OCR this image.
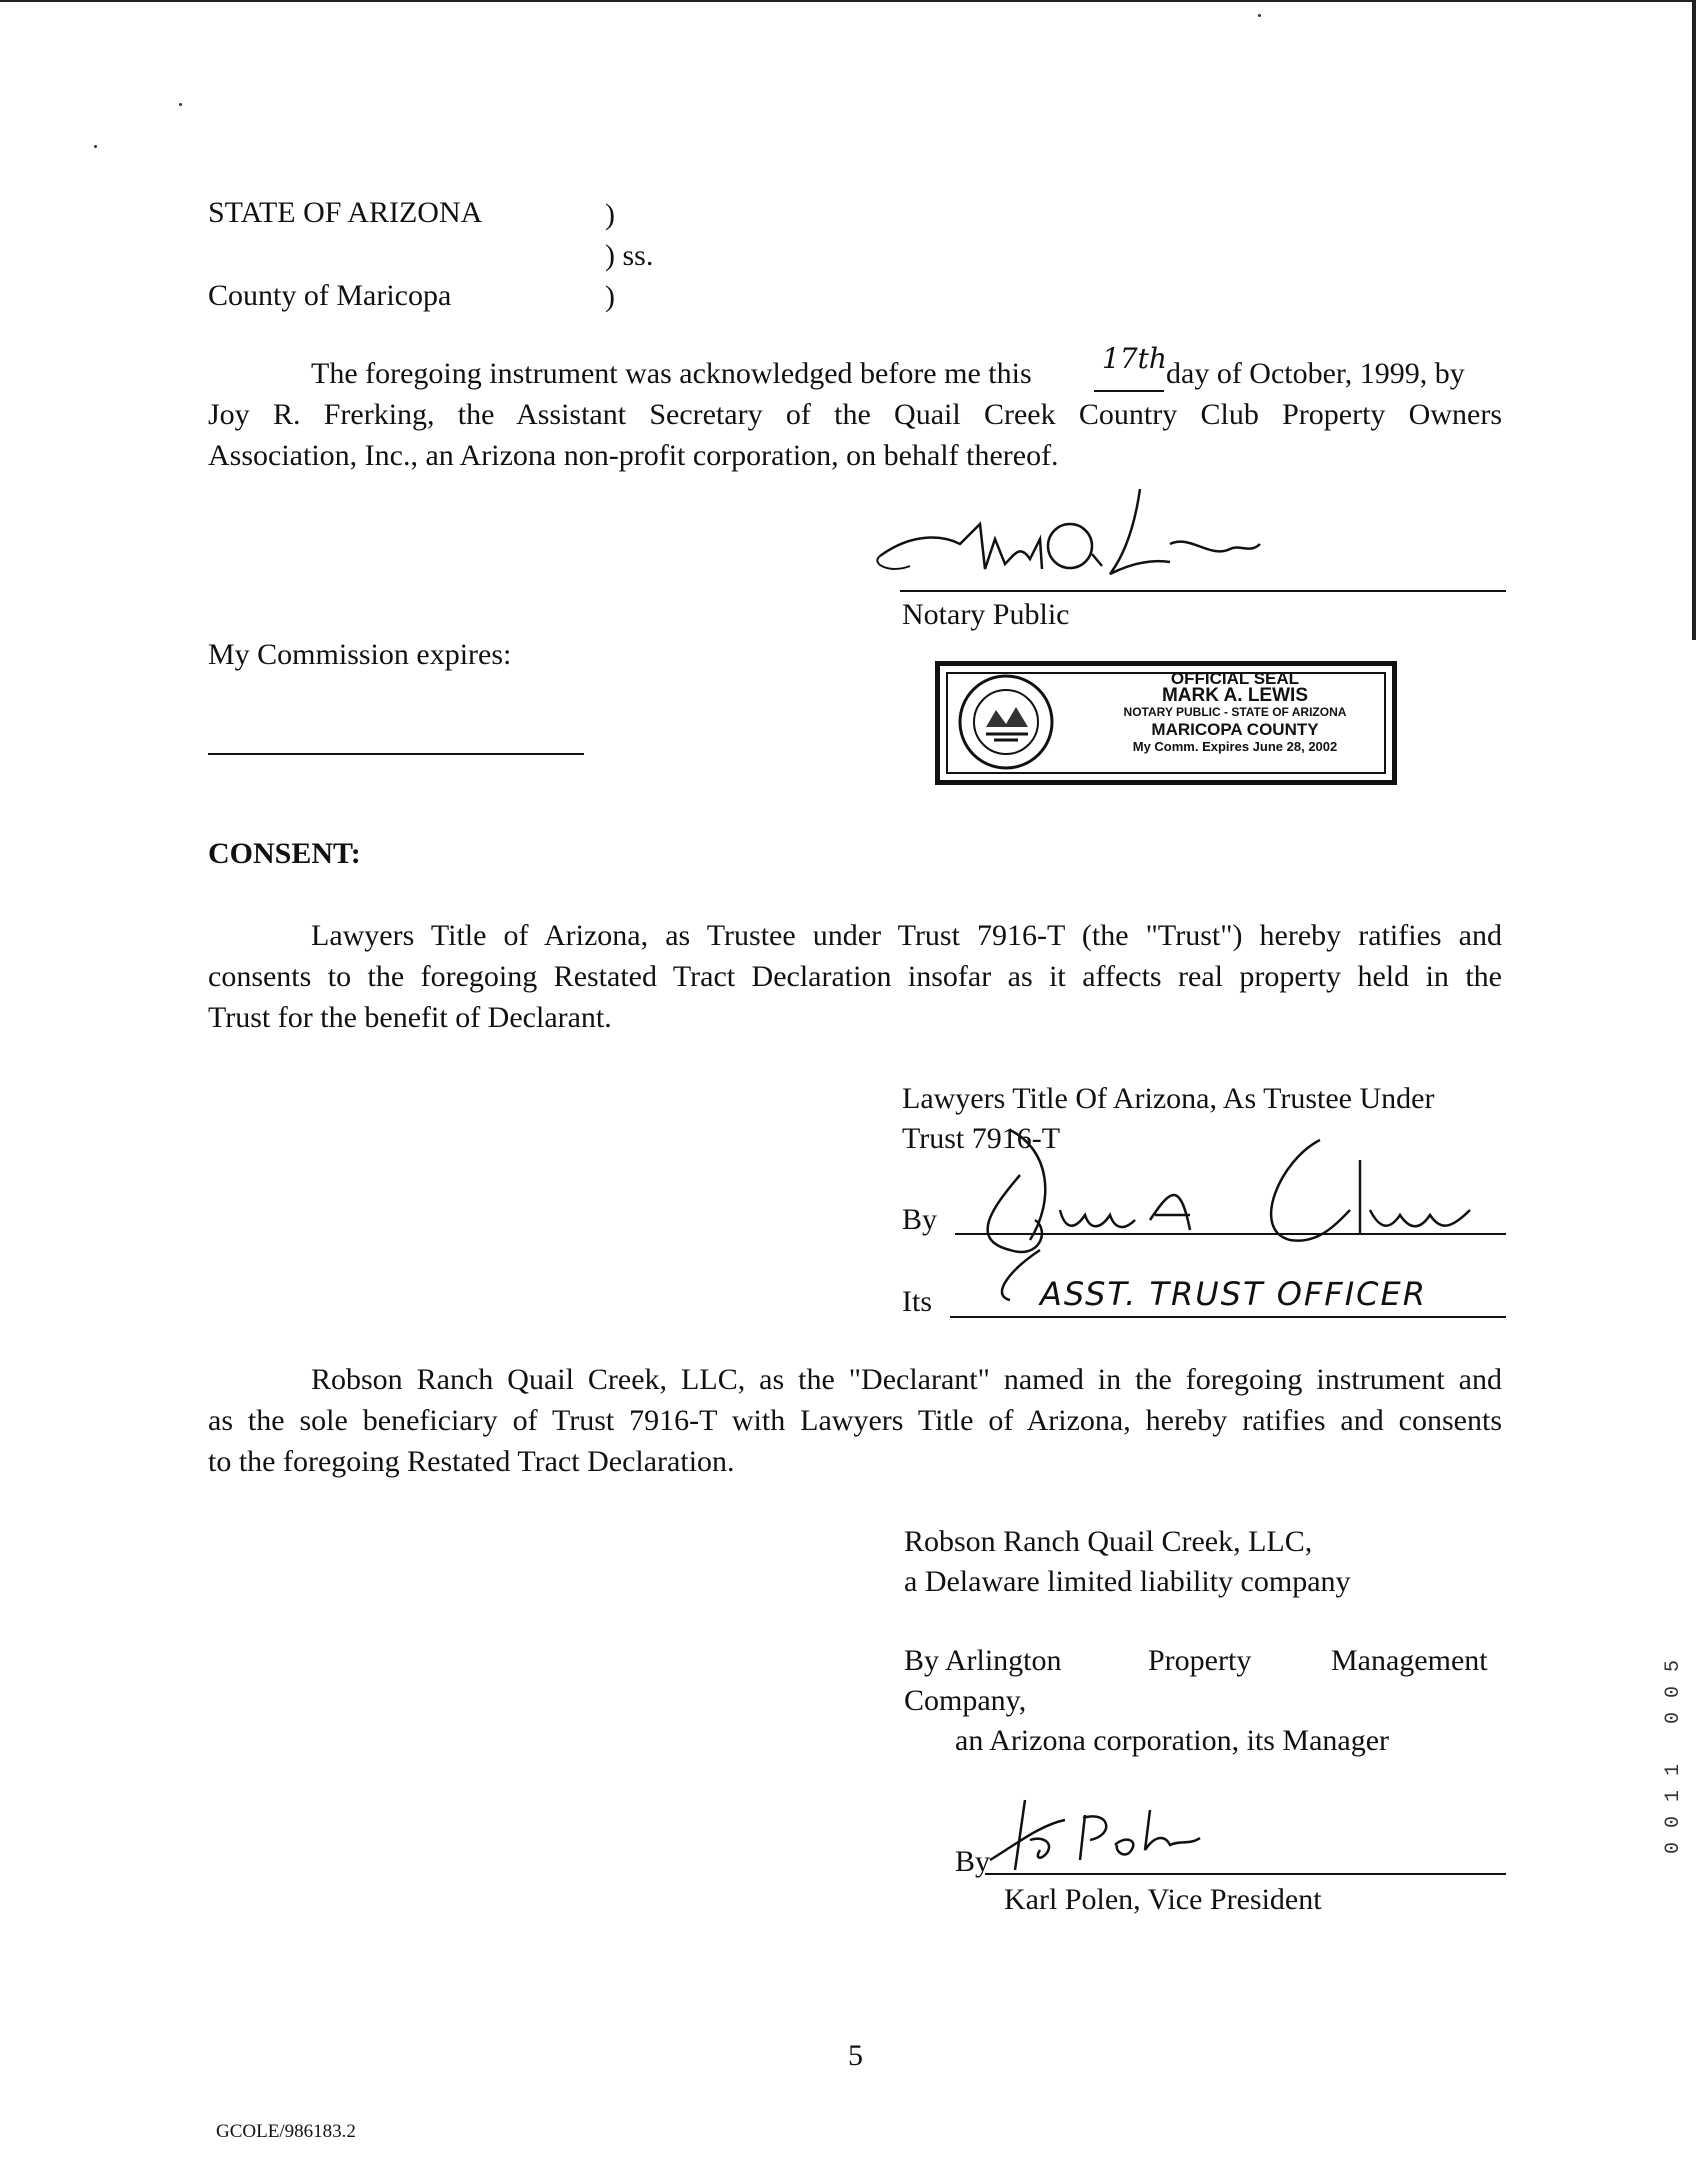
STATE OF ARIZONA	)
) ss.
County of Maricopa	)
The foregoing instrument was acknowledged before me this	17th day of October, 1999, by

Joy R. Frerking, the Assistant Secretary of the Quail Creek Country Club Property Owners

Association, Inc., an Arizona non-profit corporation, on behalf thereof.

Notary Public
My Commission expires:
OFFICIAL SEAL
MARK A. LEWIS
NOTARY PUBLIC - STATE OF ARIZONA
MARICOPA COUNTY
My Comm. Expires June 28, 2002
CONSENT:

Lawyers Title of Arizona, as Trustee under Trust 7916-T (the "Trust") hereby ratifies and

consents to the foregoing Restated Tract Declaration insofar as it affects real property held in the

Trust for the benefit of Declarant.

Lawyers Title Of Arizona, As Trustee Under
Trust 7916-T
By
Its	ASST. TRUST OFFICER

Robson Ranch Quail Creek, LLC, as the "Declarant" named in the foregoing instrument and

as the sole beneficiary of Trust 7916-T with Lawyers Title of Arizona, hereby ratifies and consents

to the foregoing Restated Tract Declaration.

Robson Ranch Quail Creek, LLC,
a Delaware limited liability company
By Arlington	Property	Management
Company,
an Arizona corporation, its Manager
By
Karl Polen, Vice President
0011 005
5
GCOLE/986183.2
